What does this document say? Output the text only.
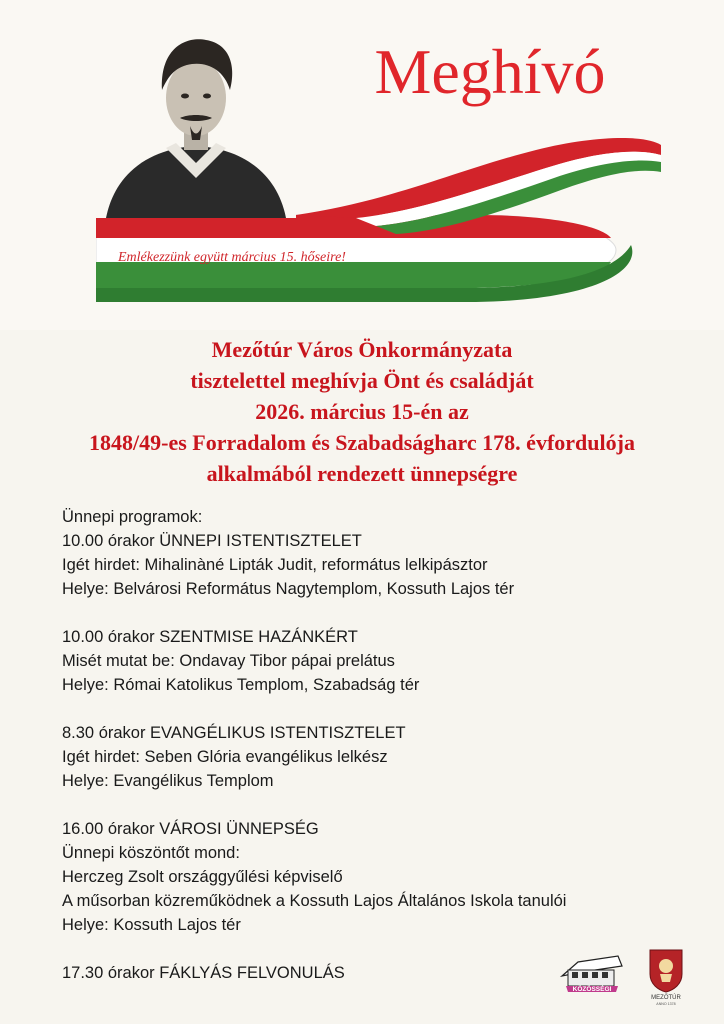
Meghívó
Emlékezzünk együtt március 15. hőseire!
Mezőtúr Város Önkormányzata
tisztelettel meghívja Önt és családját
2026. március 15-én az
1848/49-es Forradalom és Szabadságharc 178. évfordulója
alkalmából rendezett ünnepségre
Ünnepi programok:
10.00 órakor ÜNNEPI ISTENTISZTELET
Igét hirdet: Mihalinàné Lipták Judit, református lelkipásztor
Helye: Belvárosi Református Nagytemplom, Kossuth Lajos tér
10.00 órakor SZENTMISE HAZÁNKÉRT
Misét mutat be: Ondavay Tibor pápai prelátus
Helye: Római Katolikus Templom, Szabadság tér
8.30 órakor EVANGÉLIKUS ISTENTISZTELET
Igét hirdet: Seben Glória evangélikus lelkész
Helye: Evangélikus Templom
16.00 órakor VÁROSI ÜNNEPSÉG
Ünnepi köszöntőt mond:
Herczeg Zsolt országgyűlési képviselő
A műsorban közreműködnek a Kossuth Lajos Általános Iskola tanulói
Helye: Kossuth Lajos tér
17.30 órakor FÁKLYÁS FELVONULÁS
KÖZÖSSÉGI
MEZŐTÚR
ANNO 1378
